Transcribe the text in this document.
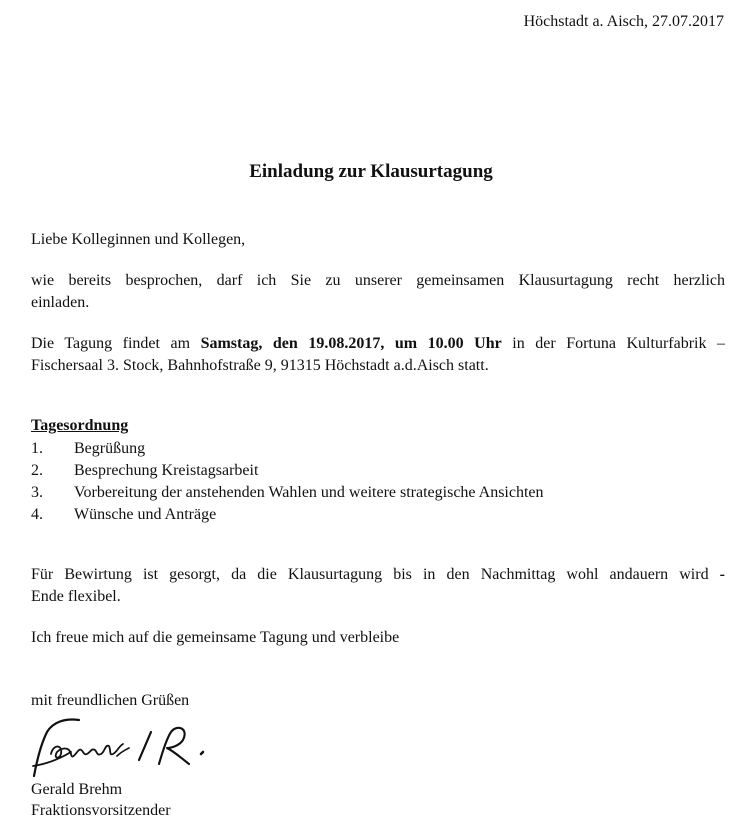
Höchstadt a. Aisch, 27.07.2017
Einladung zur Klausurtagung
Liebe Kolleginnen und Kollegen,
wie bereits besprochen, darf ich Sie zu unserer gemeinsamen Klausurtagung recht herzlich
einladen.
Die Tagung findet am Samstag, den 19.08.2017, um 10.00 Uhr in der Fortuna Kulturfabrik –
Fischersaal 3. Stock, Bahnhofstraße 9, 91315 Höchstadt a.d.Aisch statt.
Tagesordnung
1.	Begrüßung
2.	Besprechung Kreistagsarbeit
3.	Vorbereitung der anstehenden Wahlen und weitere strategische Ansichten
4.	Wünsche und Anträge
Für Bewirtung ist gesorgt, da die Klausurtagung bis in den Nachmittag wohl andauern wird -
Ende flexibel.
Ich freue mich auf die gemeinsame Tagung und verbleibe
mit freundlichen Grüßen
Gerald Brehm
Fraktionsvorsitzender
